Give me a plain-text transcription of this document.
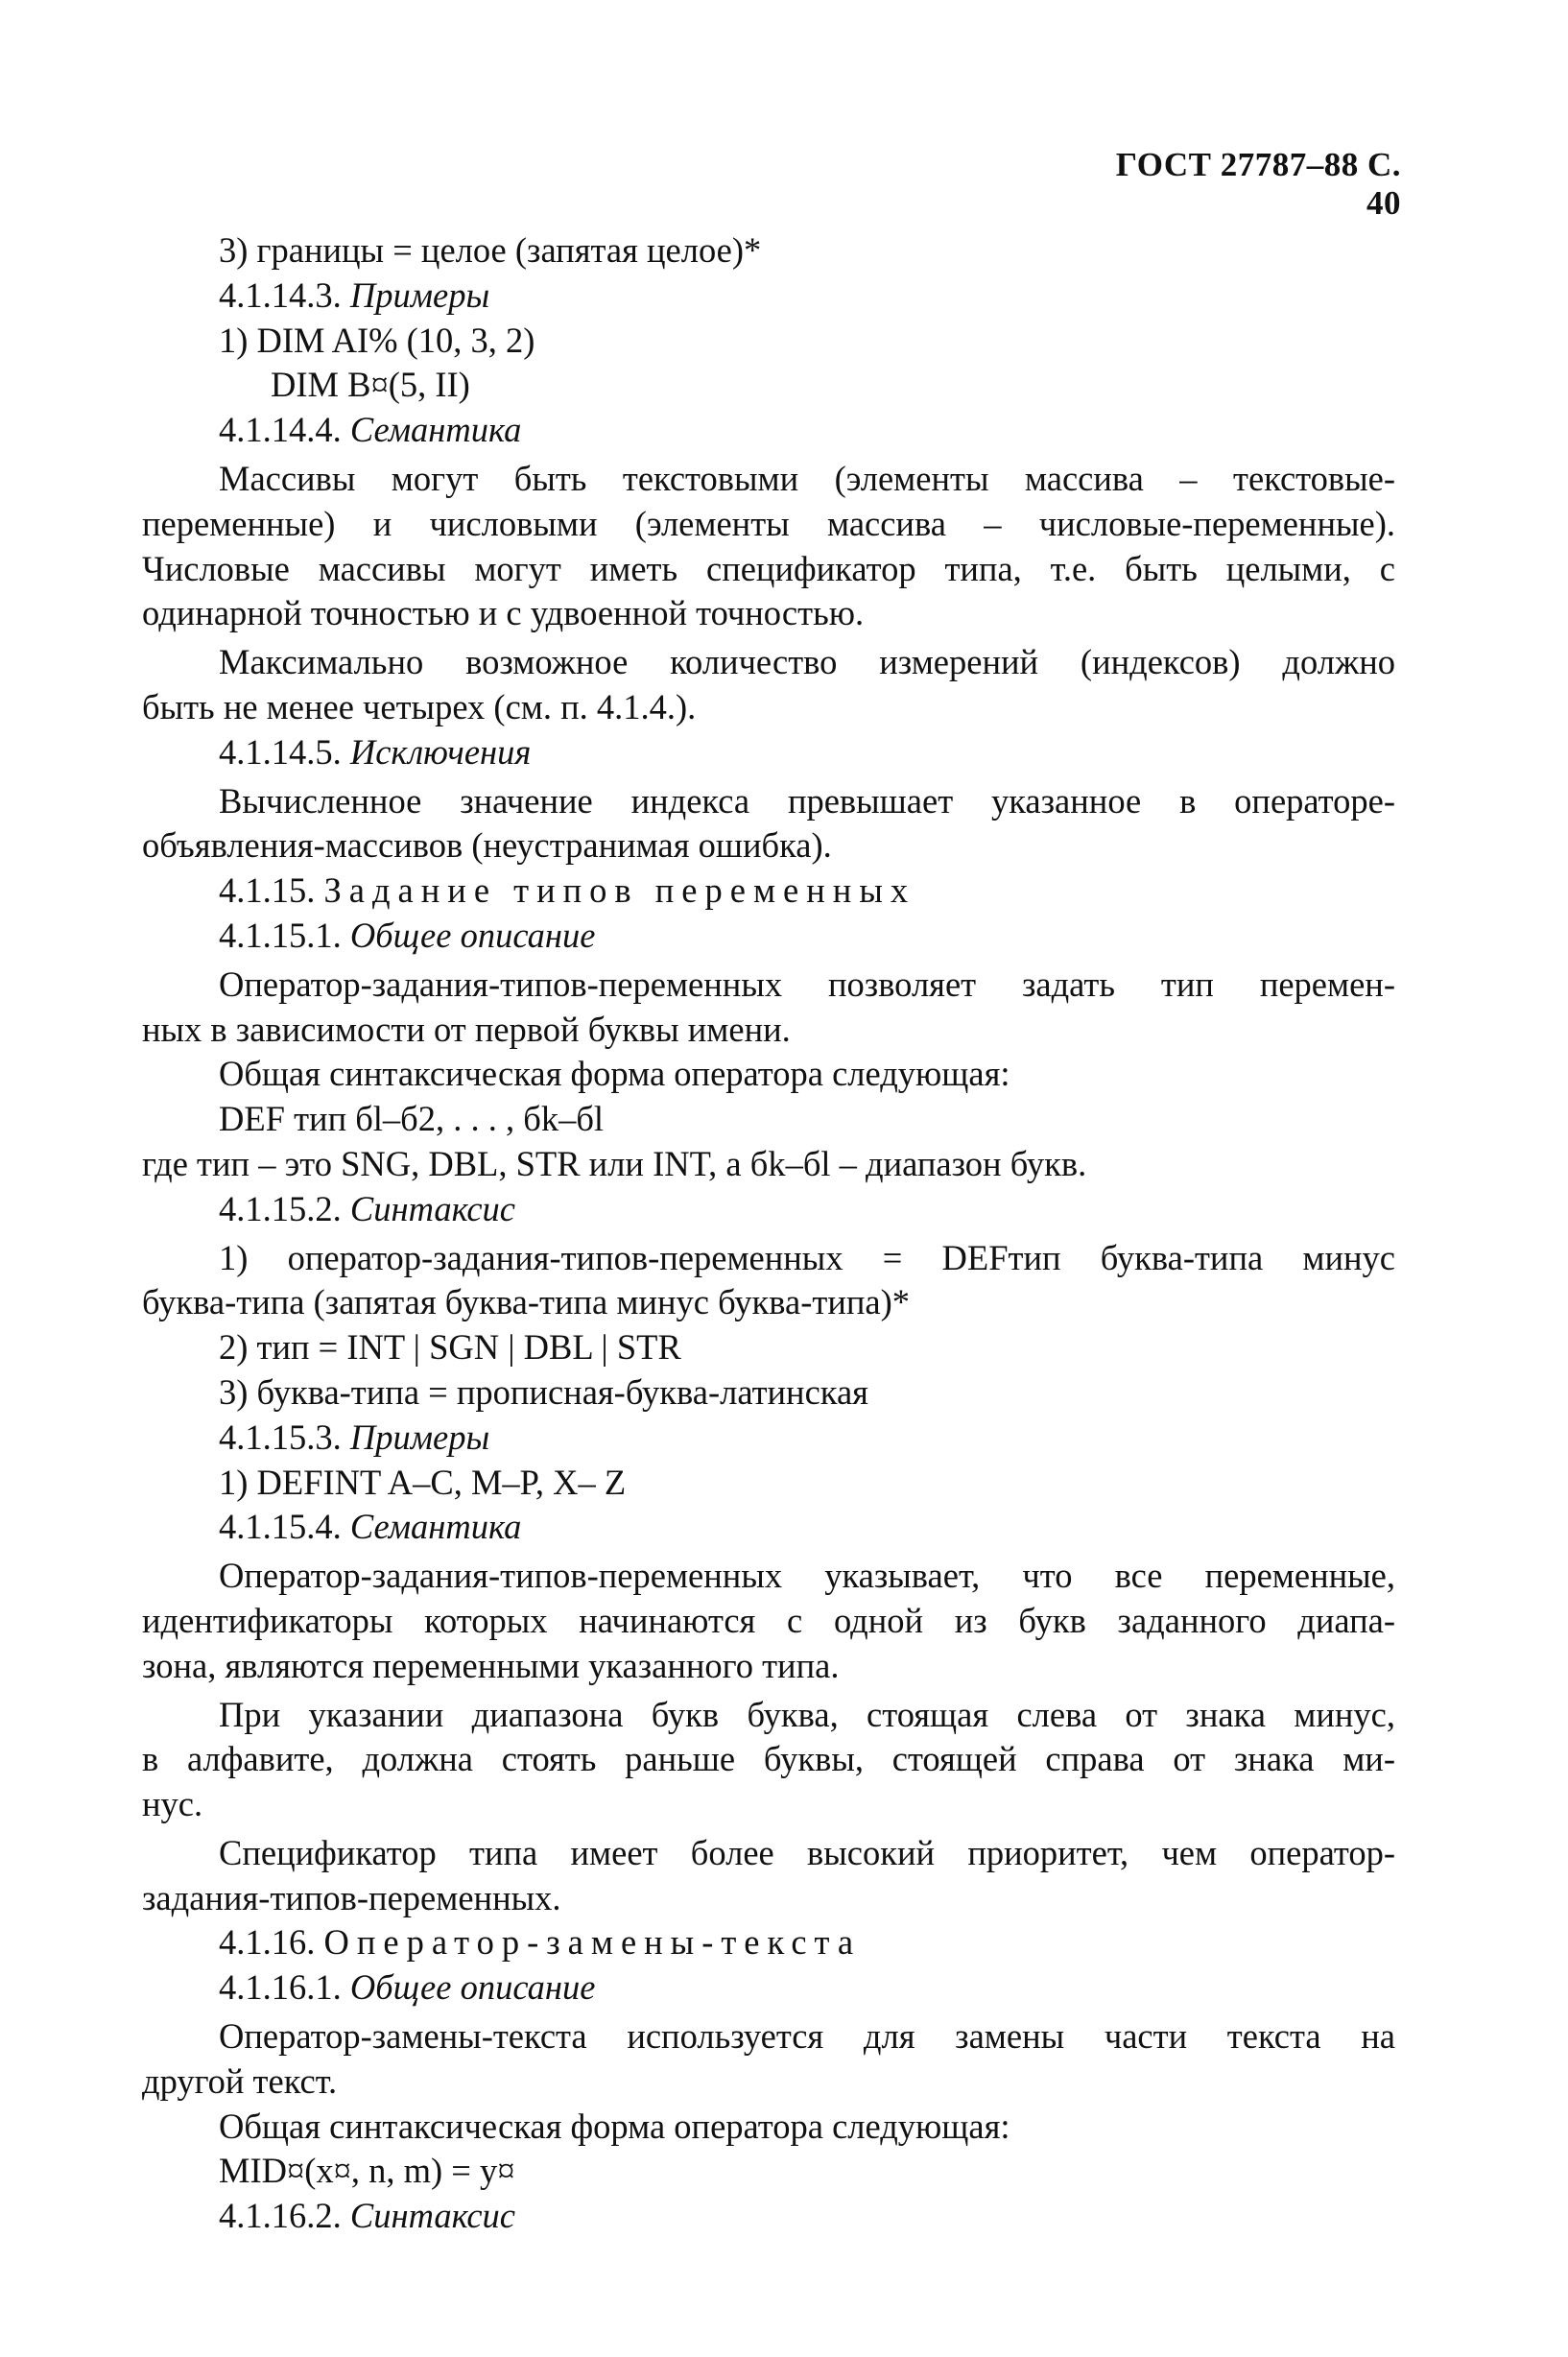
ГОСТ 27787–88 С. 40
3) границы = целое (запятая целое)*
4.1.14.3. Примеры
1) DIM AI% (10, 3, 2)
DIM B¤(5, II)
4.1.14.4. Семантика
Массивы могут быть текстовыми (элементы массива – текстовые-
переменные) и числовыми (элементы массива – числовые-переменные).
Числовые массивы могут иметь спецификатор типа, т.е. быть целыми, с
одинарной точностью и с удвоенной точностью.
Максимально возможное количество измерений (индексов) должно
быть не менее четырех (см. п. 4.1.4.).
4.1.14.5. Исключения
Вычисленное значение индекса превышает указанное в операторе-
объявления-массивов (неустранимая ошибка).
4.1.15. Задание типов переменных
4.1.15.1. Общее описание
Оператор-задания-типов-переменных позволяет задать тип перемен-
ных в зависимости от первой буквы имени.
Общая синтаксическая форма оператора следующая:
DEF тип бl–б2, . . . , бk–бl
где тип – это SNG, DBL, STR или INT, а бk–бl – диапазон букв.
4.1.15.2. Синтаксис
1) оператор-задания-типов-переменных = DEFтип буква-типа минус
буква-типа (запятая буква-типа минус буква-типа)*
2) тип = INT | SGN | DBL | STR
3) буква-типа = прописная-буква-латинская
4.1.15.3. Примеры
1) DEFINT A–C, M–P, X– Z
4.1.15.4. Семантика
Оператор-задания-типов-переменных указывает, что все переменные,
идентификаторы которых начинаются с одной из букв заданного диапа-
зона, являются переменными указанного типа.
При указании диапазона букв буква, стоящая слева от знака минус,
в алфавите, должна стоять раньше буквы, стоящей справа от знака ми-
нус.
Спецификатор типа имеет более высокий приоритет, чем оператор-
задания-типов-переменных.
4.1.16. Оператор-замены-текста
4.1.16.1. Общее описание
Оператор-замены-текста используется для замены части текста на
другой текст.
Общая синтаксическая форма оператора следующая:
MID¤(x¤, n, m) = y¤
4.1.16.2. Синтаксис
